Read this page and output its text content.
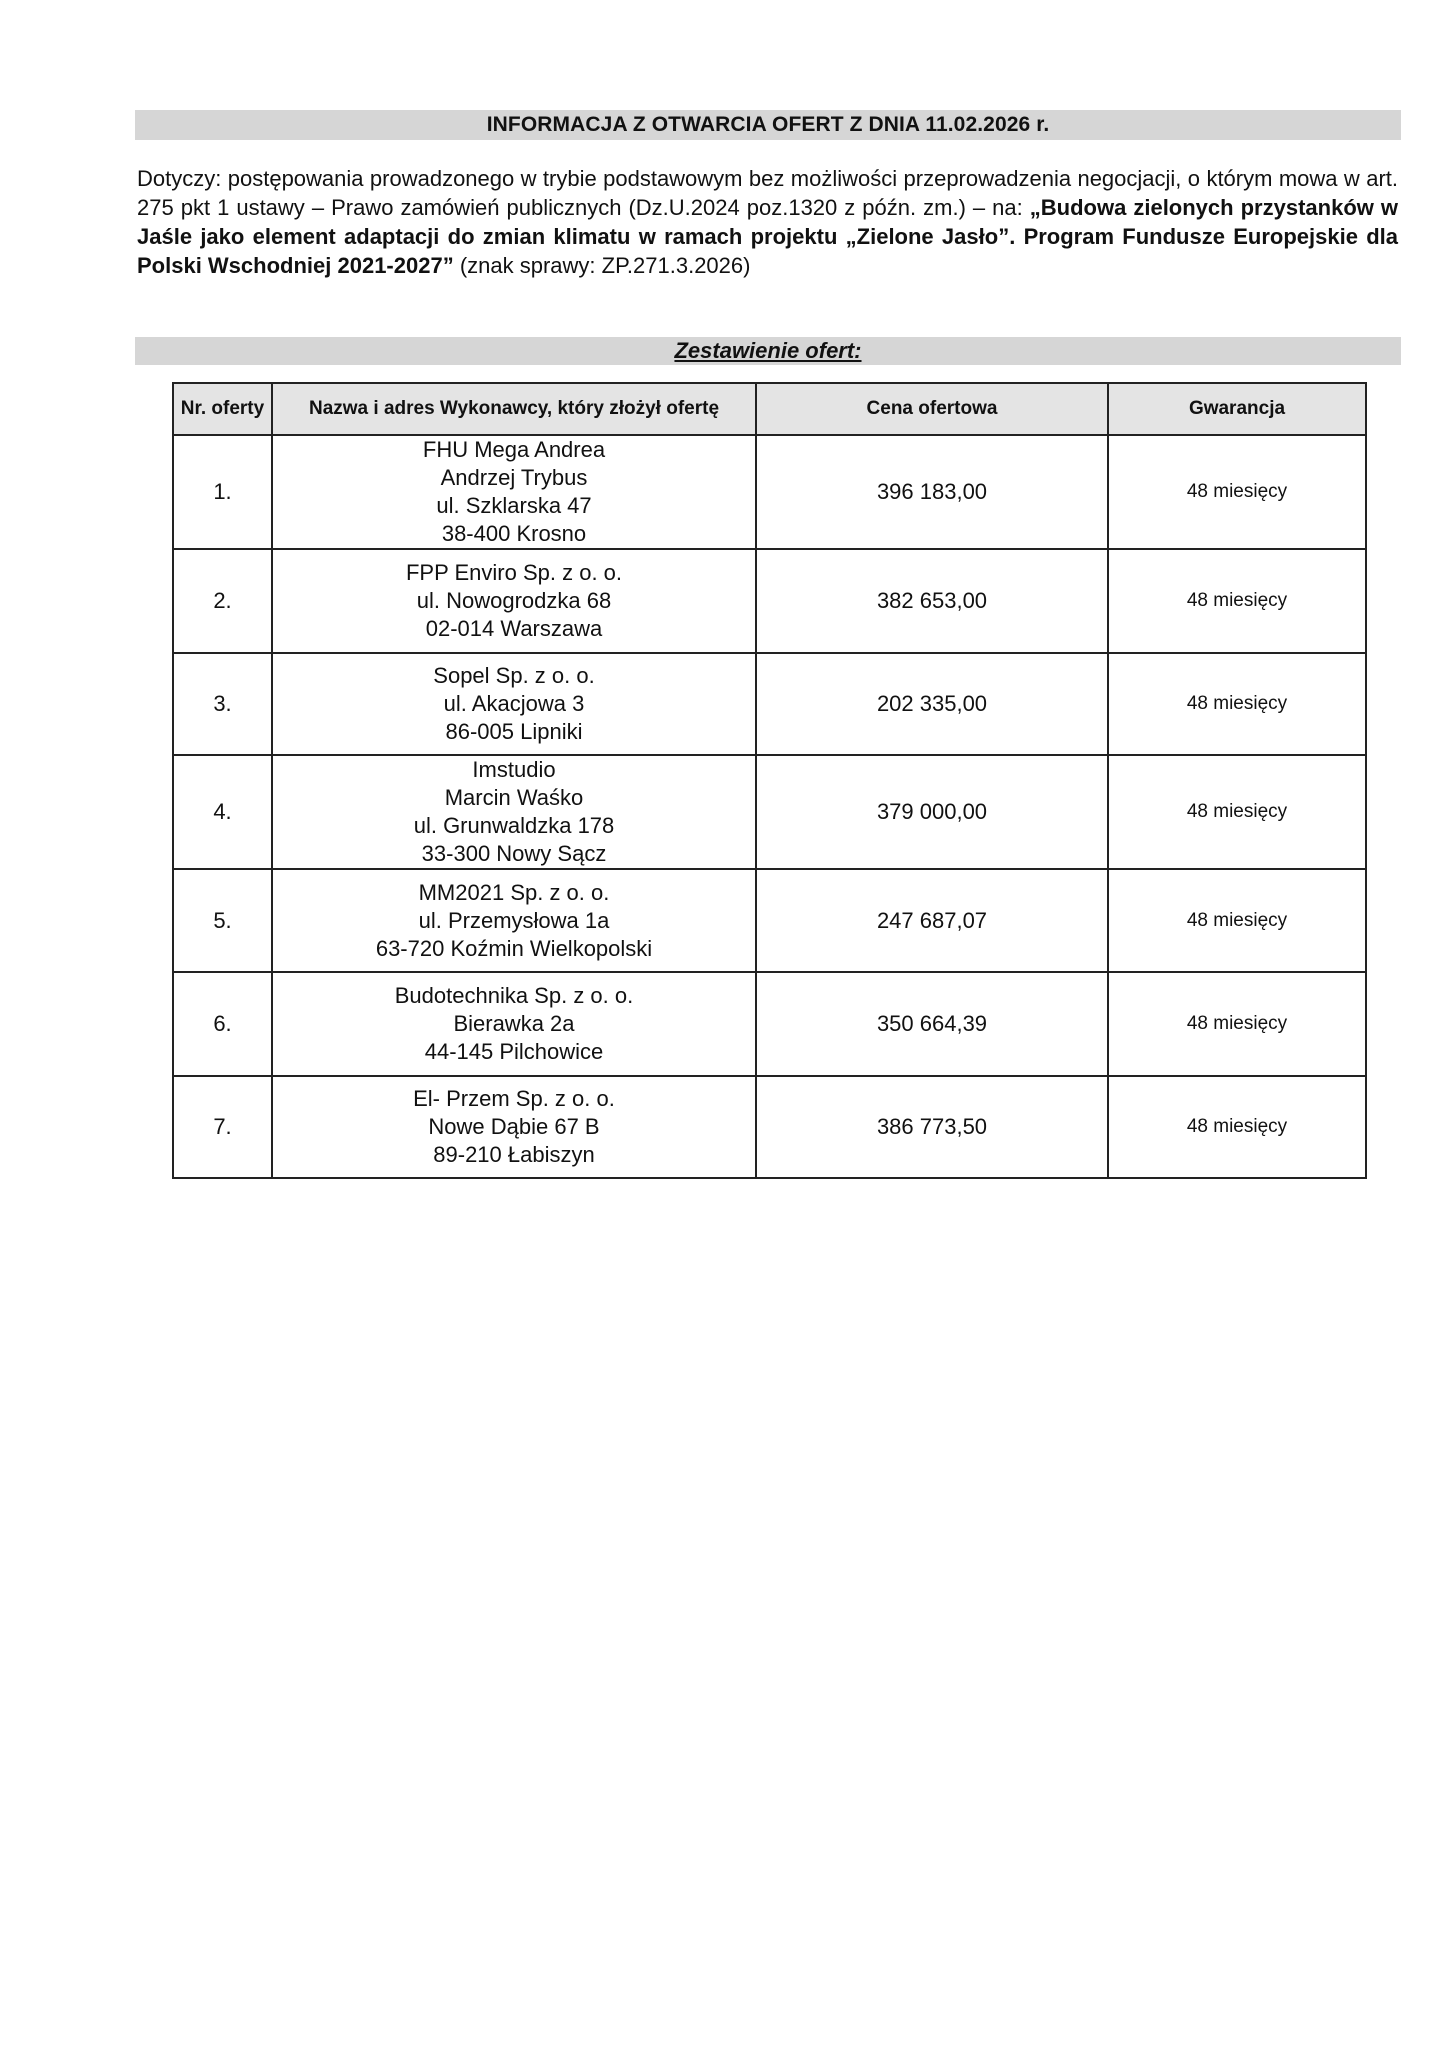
INFORMACJA Z OTWARCIA OFERT Z DNIA 11.02.2026 r.
Dotyczy: postępowania prowadzonego w trybie podstawowym bez możliwości przeprowadzenia negocjacji, o którym mowa w art. 275 pkt 1 ustawy – Prawo zamówień publicznych (Dz.U.2024 poz.1320 z późn. zm.) – na: „Budowa zielonych przystanków w Jaśle jako element adaptacji do zmian klimatu w ramach projektu „Zielone Jasło”. Program Fundusze Europejskie dla Polski Wschodniej 2021-2027” (znak sprawy: ZP.271.3.2026)
Zestawienie ofert:
Nr. oferty	Nazwa i adres Wykonawcy, który złożył ofertę	Cena ofertowa	Gwarancja
1.	FHU Mega Andrea
Andrzej Trybus
ul. Szklarska 47
38-400 Krosno	396 183,00	48 miesięcy
2.	FPP Enviro Sp. z o. o.
ul. Nowogrodzka 68
02-014 Warszawa	382 653,00	48 miesięcy
3.	Sopel Sp. z o. o.
ul. Akacjowa 3
86-005 Lipniki	202 335,00	48 miesięcy
4.	Imstudio
Marcin Waśko
ul. Grunwaldzka 178
33-300 Nowy Sącz	379 000,00	48 miesięcy
5.	MM2021 Sp. z o. o.
ul. Przemysłowa 1a
63-720 Koźmin Wielkopolski	247 687,07	48 miesięcy
6.	Budotechnika Sp. z o. o.
Bierawka 2a
44-145 Pilchowice	350 664,39	48 miesięcy
7.	El- Przem Sp. z o. o.
Nowe Dąbie 67 B
89-210 Łabiszyn	386 773,50	48 miesięcy
